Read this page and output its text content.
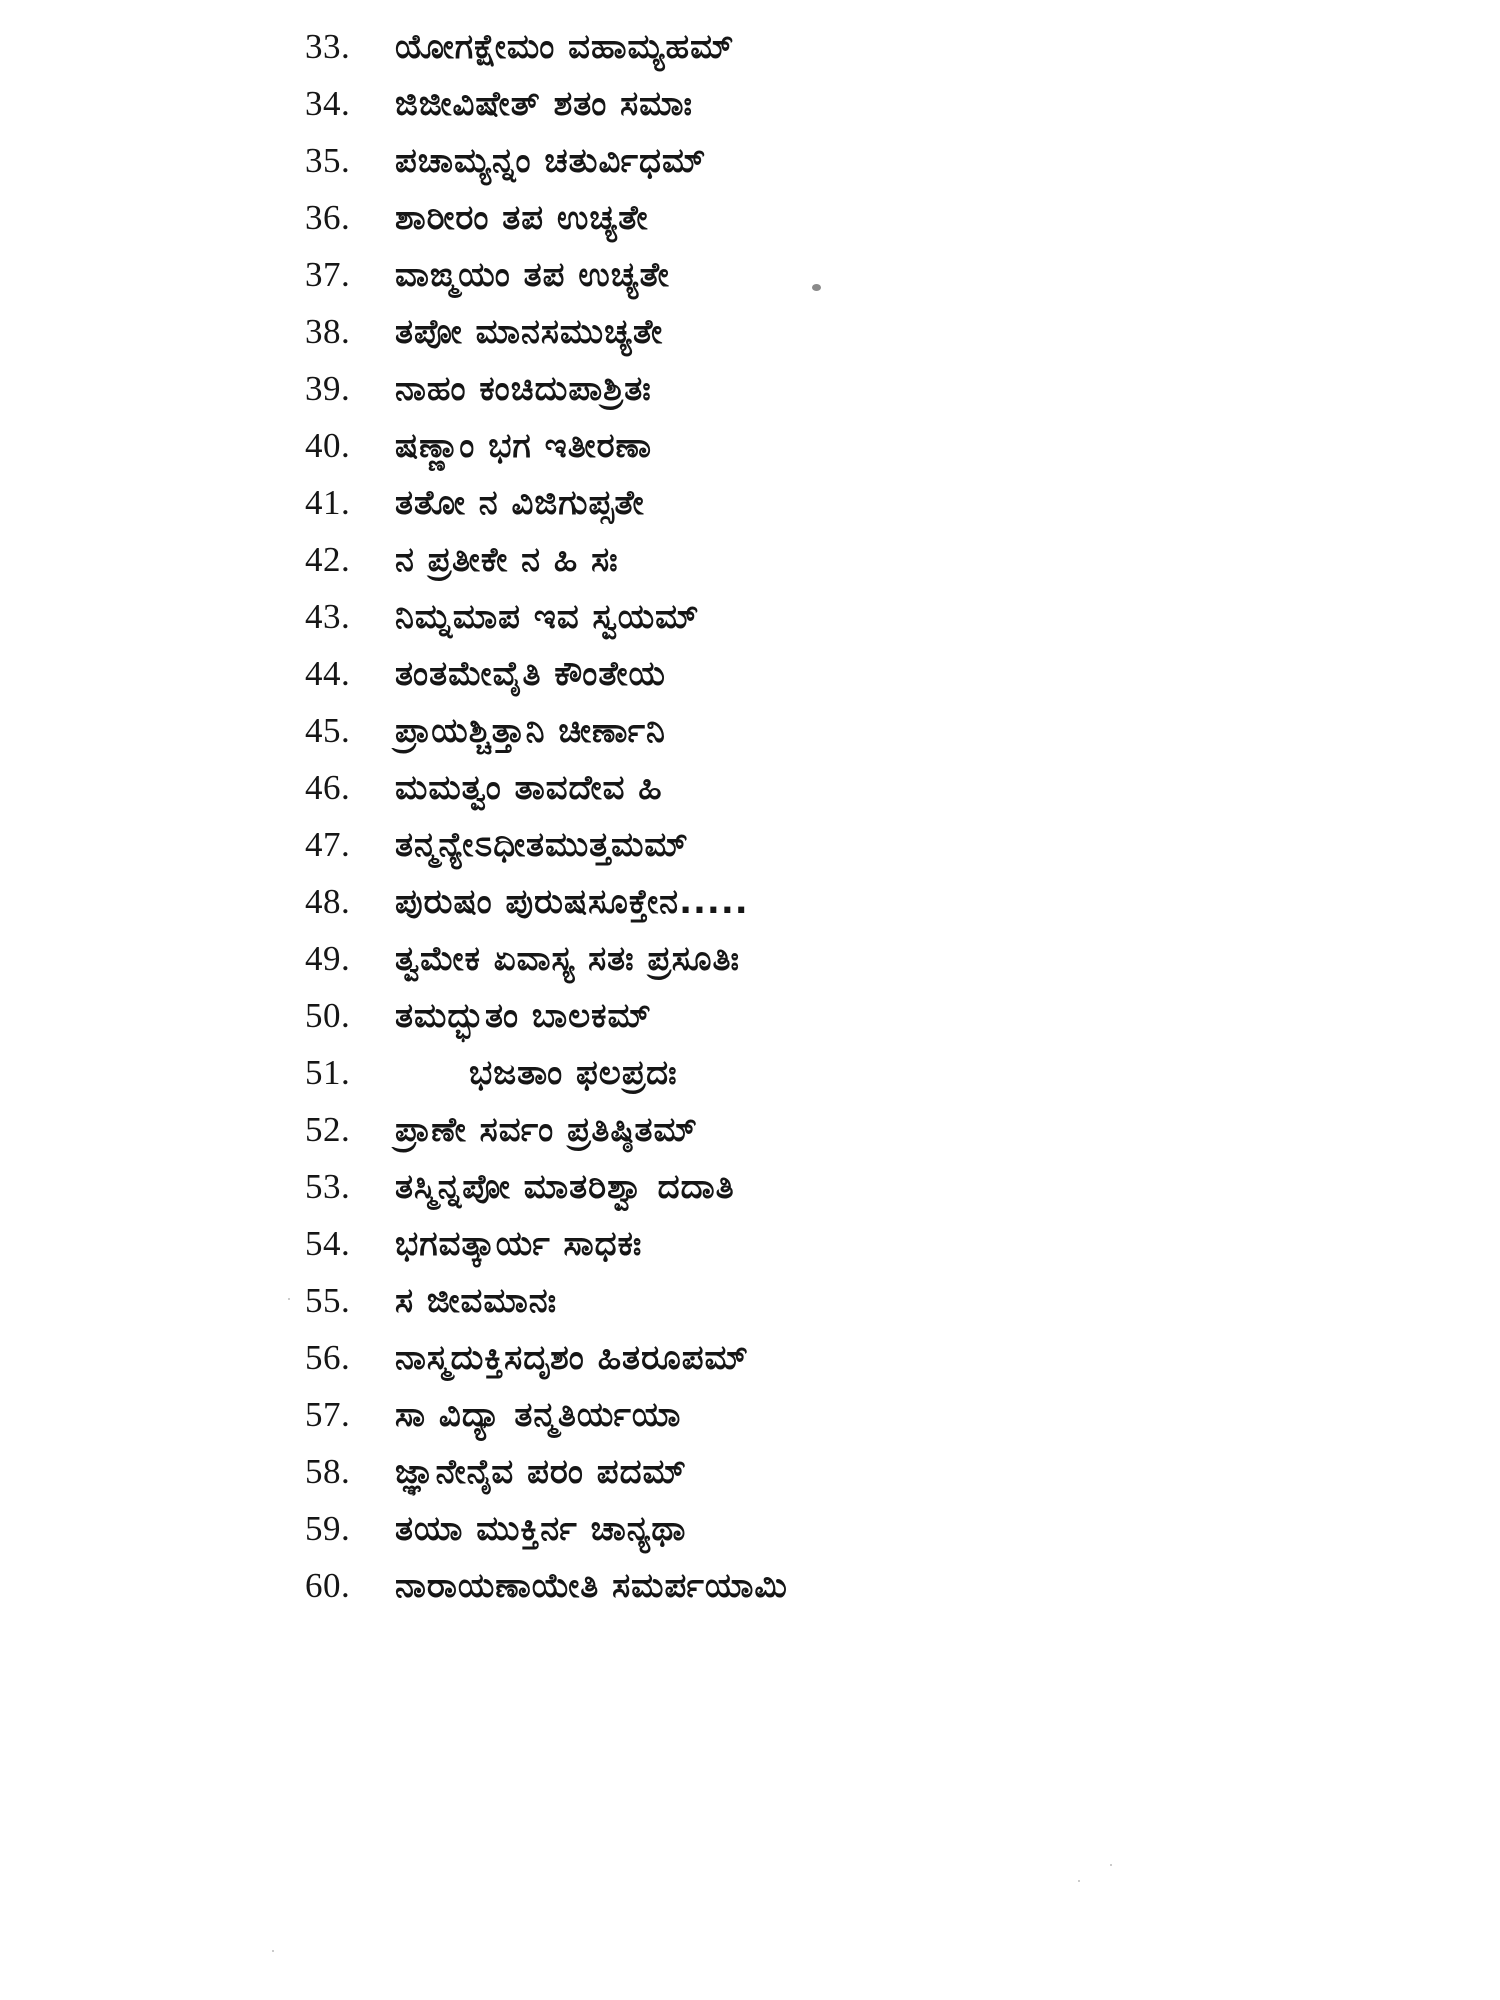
33.	ಯೋಗಕ್ಷೇಮಂ ವಹಾಮ್ಯಹಮ್
34.	ಜಿಜೀವಿಷೇತ್ ಶತಂ ಸಮಾಃ
35.	ಪಚಾಮ್ಯನ್ನಂ ಚತುರ್ವಿಧಮ್
36.	ಶಾರೀರಂ ತಪ ಉಚ್ಯತೇ
37.	ವಾಙ್ಮಯಂ ತಪ ಉಚ್ಯತೇ
38.	ತಪೋ ಮಾನಸಮುಚ್ಯತೇ
39.	ನಾಹಂ ಕಂಚಿದುಪಾಶ್ರಿತಃ
40.	ಷಣ್ಣಾಂ ಭಗ ಇತೀರಣಾ
41.	ತತೋ ನ ವಿಜಿಗುಪ್ಸತೇ
42.	ನ ಪ್ರತೀಕೇ ನ ಹಿ ಸಃ
43.	ನಿಮ್ನಮಾಪ ಇವ ಸ್ವಯಮ್
44.	ತಂತಮೇವೈತಿ ಕೌಂತೇಯ
45.	ಪ್ರಾಯಶ್ಚಿತ್ತಾನಿ ಚೀರ್ಣಾನಿ
46.	ಮಮತ್ವಂ ತಾವದೇವ ಹಿ
47.	ತನ್ಮನ್ಯೇಽಧೀತಮುತ್ತಮಮ್
48.	ಪುರುಷಂ ಪುರುಷಸೂಕ್ತೇನ.....
49.	ತ್ವಮೇಕ ಏವಾಸ್ಯ ಸತಃ ಪ್ರಸೂತಿಃ
50.	ತಮದ್ಭುತಂ ಬಾಲಕಮ್
51.	ಭಜತಾಂ ಫಲಪ್ರದಃ
52.	ಪ್ರಾಣೇ ಸರ್ವಂ ಪ್ರತಿಷ್ಠಿತಮ್
53.	ತಸ್ಮಿನ್ನಪೋ ಮಾತರಿಶ್ವಾ ದದಾತಿ
54.	ಭಗವತ್ಕಾರ್ಯ ಸಾಧಕಃ
55.	ಸ ಜೀವಮಾನಃ
56.	ನಾಸ್ಮದುಕ್ತಿಸದೃಶಂ ಹಿತರೂಪಮ್
57.	ಸಾ ವಿದ್ಯಾ ತನ್ಮತಿರ್ಯಯಾ
58.	ಜ್ಞಾನೇನೈವ ಪರಂ ಪದಮ್
59.	ತಯಾ ಮುಕ್ತಿರ್ನ ಚಾನ್ಯಥಾ
60.	ನಾರಾಯಣಾಯೇತಿ ಸಮರ್ಪಯಾಮಿ
